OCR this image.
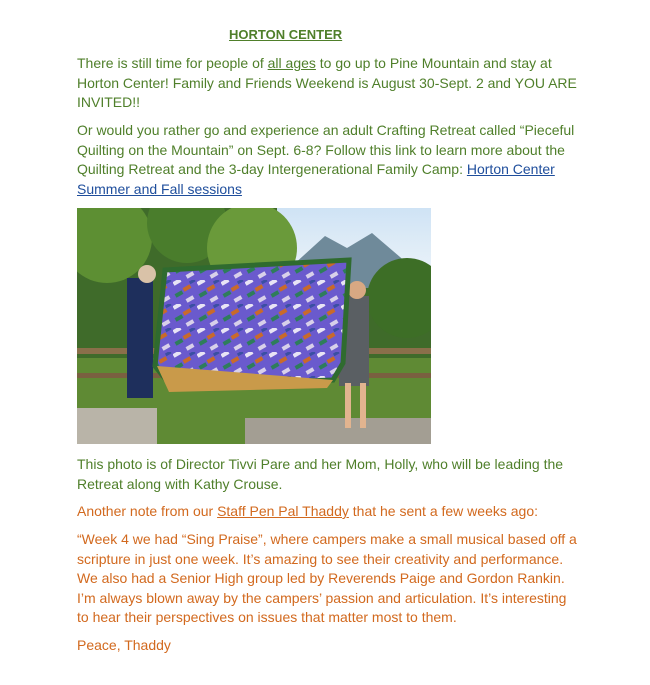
HORTON CENTER

There is still time for people of all ages to go up to Pine Mountain and stay at Horton Center! Family and Friends Weekend is August 30-Sept. 2 and YOU ARE INVITED!!

Or would you rather go and experience an adult Crafting Retreat called “Pieceful Quilting on the Mountain” on Sept. 6-8? Follow this link to learn more about the Quilting Retreat and the 3-day Intergenerational Family Camp: Horton Center Summer and Fall sessions

This photo is of Director Tivvi Pare and her Mom, Holly, who will be leading the Retreat along with Kathy Crouse.

Another note from our Staff Pen Pal Thaddy that he sent a few weeks ago:

“Week 4 we had “Sing Praise”, where campers make a small musical based off a scripture in just one week. It’s amazing to see their creativity and performance. We also had a Senior High group led by Reverends Paige and Gordon Rankin. I’m always blown away by the campers’ passion and articulation. It’s interesting to hear their perspectives on issues that matter most to them.

Peace, Thaddy
